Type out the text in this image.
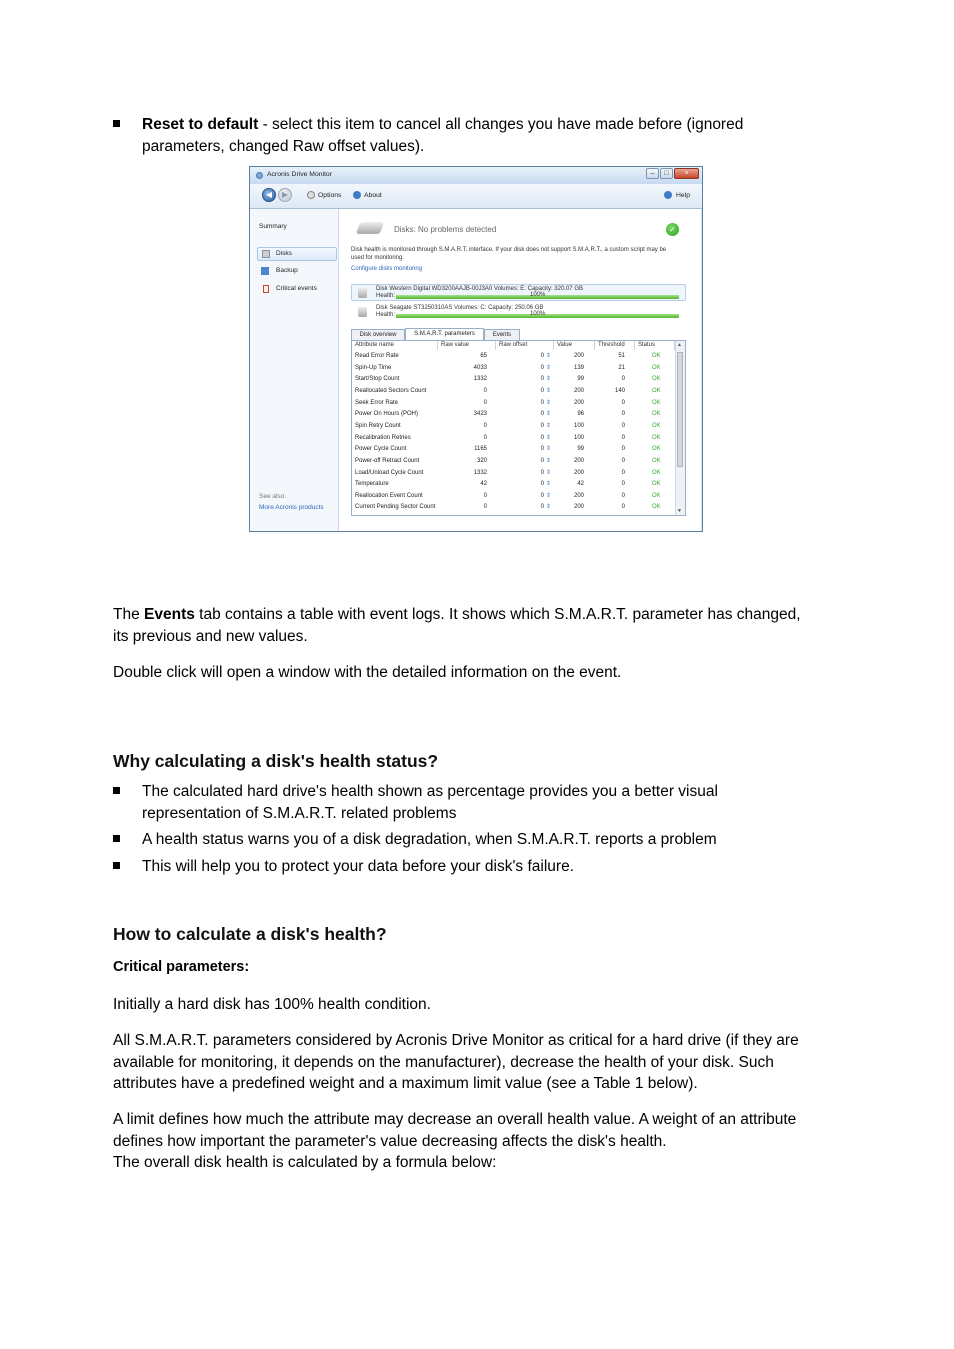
Reset to default - select this item to cancel all changes you have made before (ignored
parameters, changed Raw offset values).
Acronis Drive Monitor	–	□	×
◀	▶	Options	About	Help
Summary
Disks
Backup
Critical events
See also:
More Acronis products
Disks: No problems detected	✓
Disk health is monitored through S.M.A.R.T. interface. If your disk does not support S.M.A.R.T., a custom script may be
used for monitoring.
Configure disks monitoring
Disk Western Digital WD3200AAJB-00J3A0 Volumes: E: Capacity: 320.07 GB
Health:	100%
Disk Seagate ST3250310AS Volumes: C: Capacity: 250.06 GB
Health:	100%
Disk overview	S.M.A.R.T. parameters	Events
Attribute name	Raw value	Raw offset	Value	Threshold	Status
Read Error Rate	65	0	200	51	OK
⇕
Spin-Up Time	4033	0	139	21	OK
⇕
Start/Stop Count	1332	0	99	0	OK
⇕
Reallocated Sectors Count	0	0	200	140	OK
⇕
Seek Error Rate	0	0	200	0	OK
⇕
Power On Hours (POH)	3423	0	96	0	OK
⇕
Spin Retry Count	0	0	100	0	OK
⇕
Recalibration Retries	0	0	100	0	OK
⇕
Power Cycle Count	1165	0	99	0	OK
⇕
Power-off Retract Count	320	0	200	0	OK
⇕
Load/Unload Cycle Count	1332	0	200	0	OK
⇕
Temperature	42	0	42	0	OK
⇕
Reallocation Event Count	0	0	200	0	OK
⇕
Current Pending Sector Count	0	0	200	0	OK
⇕
▲
▼

The Events tab contains a table with event logs. It shows which S.M.A.R.T. parameter has changed,
its previous and new values.

Double click will open a window with the detailed information on the event.

Why calculating a disk's health status?
The calculated hard drive's health shown as percentage provides you a better visual
representation of S.M.A.R.T. related problems
A health status warns you of a disk degradation, when S.M.A.R.T. reports a problem
This will help you to protect your data before your disk's failure.
How to calculate a disk's health?
Critical parameters:

Initially a hard disk has 100% health condition.

All S.M.A.R.T. parameters considered by Acronis Drive Monitor as critical for a hard drive (if they are
available for monitoring, it depends on the manufacturer), decrease the health of your disk. Such
attributes have a predefined weight and a maximum limit value (see a Table 1 below).

A limit defines how much the attribute may decrease an overall health value. A weight of an attribute
defines how important the parameter's value decreasing affects the disk's health.
The overall disk health is calculated by a formula below:
